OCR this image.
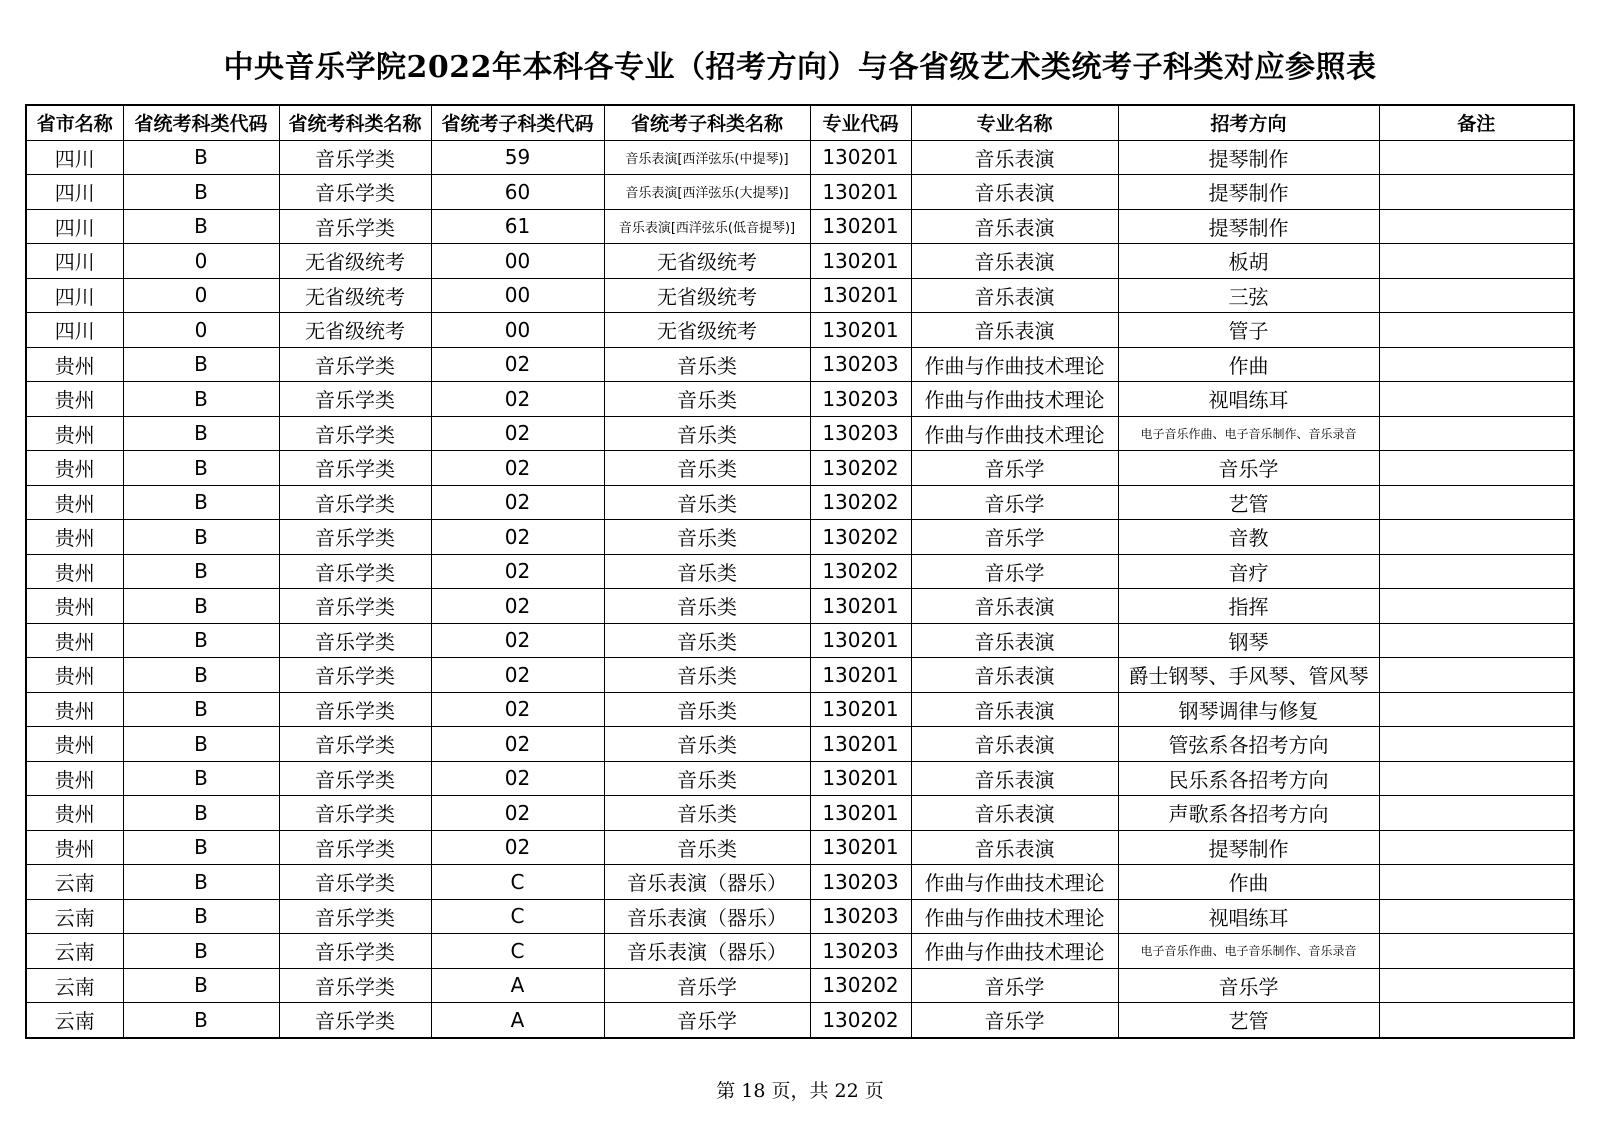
中央音乐学院2022年本科各专业（招考方向）与各省级艺术类统考子科类对应参照表
省市名称	省统考科类代码	省统考科类名称	省统考子科类代码	省统考子科类名称	专业代码	专业名称	招考方向	备注
四川	B	音乐学类	59	音乐表演[西洋弦乐(中提琴)]	130201	音乐表演	提琴制作	
四川	B	音乐学类	60	音乐表演[西洋弦乐(大提琴)]	130201	音乐表演	提琴制作	
四川	B	音乐学类	61	音乐表演[西洋弦乐(低音提琴)]	130201	音乐表演	提琴制作	
四川	0	无省级统考	00	无省级统考	130201	音乐表演	板胡	
四川	0	无省级统考	00	无省级统考	130201	音乐表演	三弦	
四川	0	无省级统考	00	无省级统考	130201	音乐表演	管子	
贵州	B	音乐学类	02	音乐类	130203	作曲与作曲技术理论	作曲	
贵州	B	音乐学类	02	音乐类	130203	作曲与作曲技术理论	视唱练耳	
贵州	B	音乐学类	02	音乐类	130203	作曲与作曲技术理论	电子音乐作曲、电子音乐制作、音乐录音	
贵州	B	音乐学类	02	音乐类	130202	音乐学	音乐学	
贵州	B	音乐学类	02	音乐类	130202	音乐学	艺管	
贵州	B	音乐学类	02	音乐类	130202	音乐学	音教	
贵州	B	音乐学类	02	音乐类	130202	音乐学	音疗	
贵州	B	音乐学类	02	音乐类	130201	音乐表演	指挥	
贵州	B	音乐学类	02	音乐类	130201	音乐表演	钢琴	
贵州	B	音乐学类	02	音乐类	130201	音乐表演	爵士钢琴、手风琴、管风琴	
贵州	B	音乐学类	02	音乐类	130201	音乐表演	钢琴调律与修复	
贵州	B	音乐学类	02	音乐类	130201	音乐表演	管弦系各招考方向	
贵州	B	音乐学类	02	音乐类	130201	音乐表演	民乐系各招考方向	
贵州	B	音乐学类	02	音乐类	130201	音乐表演	声歌系各招考方向	
贵州	B	音乐学类	02	音乐类	130201	音乐表演	提琴制作	
云南	B	音乐学类	C	音乐表演（器乐）	130203	作曲与作曲技术理论	作曲	
云南	B	音乐学类	C	音乐表演（器乐）	130203	作曲与作曲技术理论	视唱练耳	
云南	B	音乐学类	C	音乐表演（器乐）	130203	作曲与作曲技术理论	电子音乐作曲、电子音乐制作、音乐录音	
云南	B	音乐学类	A	音乐学	130202	音乐学	音乐学	
云南	B	音乐学类	A	音乐学	130202	音乐学	艺管	
第 18 页，共 22 页
